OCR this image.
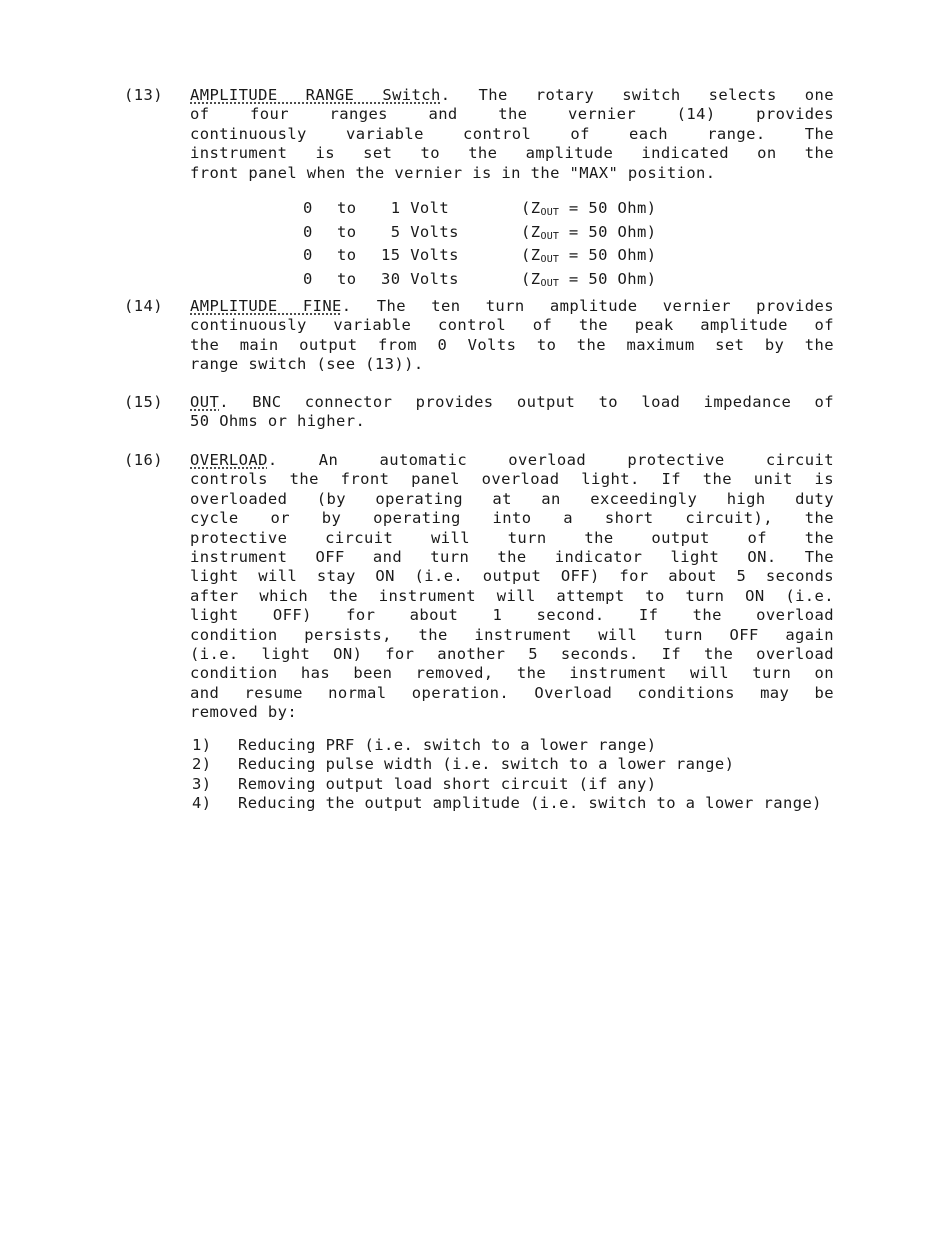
(13) AMPLITUDE RANGE Switch. The rotary switch selects one
of four ranges and the vernier (14) provides
continuously variable control of each range. The
instrument is set to the amplitude indicated on the
front panel when the vernier is in the "MAX" position.
0	to	1 Volt	($Z_{OUT} = 50$ Ohm)
0	to	5 Volts	($Z_{OUT} = 50$ Ohm)
0	to	15 Volts	($Z_{OUT} = 50$ Ohm)
0	to	30 Volts	($Z_{OUT} = 50$ Ohm)
(14) AMPLITUDE FINE. The ten turn amplitude vernier provides
continuously variable control of the peak amplitude of
the main output from 0 Volts to the maximum set by the
range switch (see (13)).
(15) OUT. BNC connector provides output to load impedance of
50 Ohms or higher.
(16) OVERLOAD. An automatic overload protective circuit
controls the front panel overload light. If the unit is
overloaded (by operating at an exceedingly high duty
cycle or by operating into a short circuit), the
protective circuit will turn the output of the
instrument OFF and turn the indicator light ON. The
light will stay ON (i.e. output OFF) for about 5 seconds
after which the instrument will attempt to turn ON (i.e.
light OFF) for about 1 second. If the overload
condition persists, the instrument will turn OFF again
(i.e. light ON) for another 5 seconds. If the overload
condition has been removed, the instrument will turn on
and resume normal operation. Overload conditions may be
removed by:
1)	Reducing PRF (i.e. switch to a lower range)
2)	Reducing pulse width (i.e. switch to a lower range)
3)	Removing output load short circuit (if any)
4)	Reducing the output amplitude (i.e. switch to a lower range)
